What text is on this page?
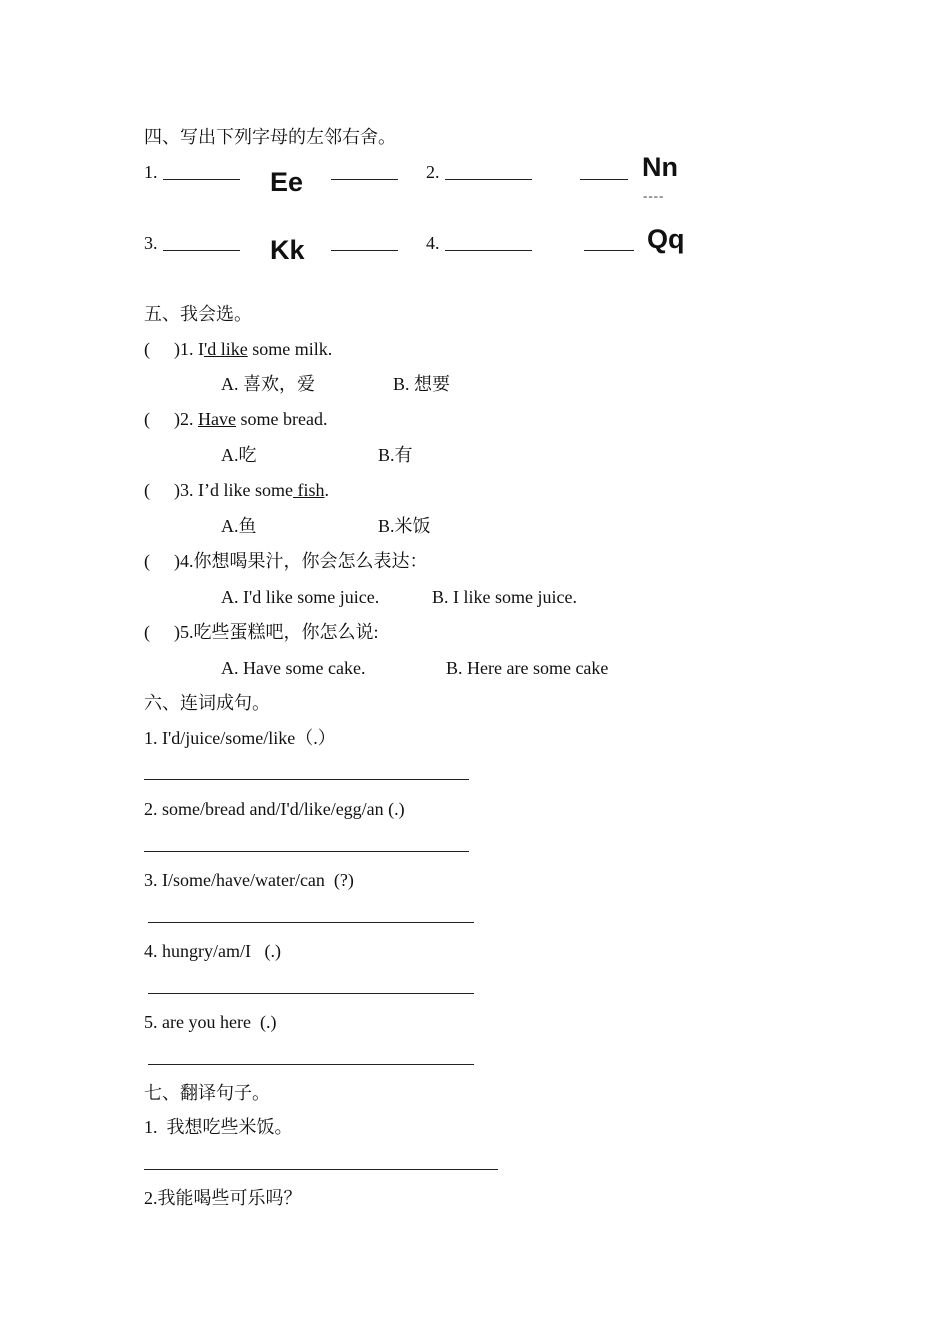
四、写出下列字母的左邻右舍。
1.	Ee	2.	Nn
----
3.	Kk	4.	Qq
五、我会选。
( )1. I'd like some milk.
A. 喜欢，爱	B. 想要
( )2. Have some bread.
A.吃	B.有
( )3. I’d like some fish.
A.鱼	B.米饭
( )4.你想喝果汁，你会怎么表达：
A. I'd like some juice.	B. I like some juice.
( )5.吃些蛋糕吧，你怎么说:
A. Have some cake.	B. Here are some cake
六、连词成句。
1. I'd/juice/some/like（.）
2. some/bread and/I'd/like/egg/an (.)
3. I/some/have/water/can  (?)
4. hungry/am/I   (.)
5. are you here  (.)
七、翻译句子。
1.  我想吃些米饭。
2.我能喝些可乐吗？
